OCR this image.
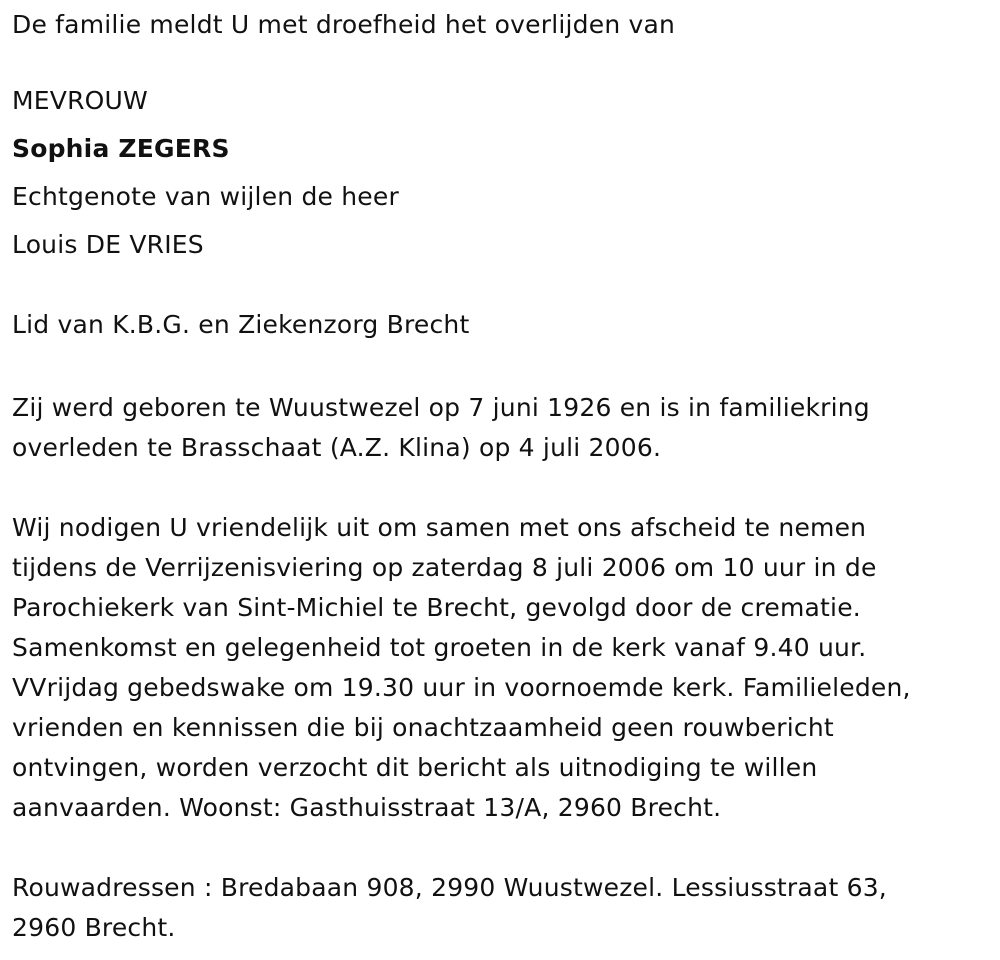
De familie meldt U met droefheid het overlijden van
MEVROUW
Sophia ZEGERS
Echtgenote van wijlen de heer
Louis DE VRIES
Lid van K.B.G. en Ziekenzorg Brecht
Zij werd geboren te Wuustwezel op 7 juni 1926 en is in familiekring
overleden te Brasschaat (A.Z. Klina) op 4 juli 2006.
Wij nodigen U vriendelijk uit om samen met ons afscheid te nemen
tijdens de Verrijzenisviering op zaterdag 8 juli 2006 om 10 uur in de
Parochiekerk van Sint-Michiel te Brecht, gevolgd door de crematie.
Samenkomst en gelegenheid tot groeten in de kerk vanaf 9.40 uur.
VVrijdag gebedswake om 19.30 uur in voornoemde kerk. Familieleden,
vrienden en kennissen die bij onachtzaamheid geen rouwbericht
ontvingen, worden verzocht dit bericht als uitnodiging te willen
aanvaarden. Woonst: Gasthuisstraat 13/A, 2960 Brecht.
Rouwadressen : Bredabaan 908, 2990 Wuustwezel. Lessiusstraat 63,
2960 Brecht.
